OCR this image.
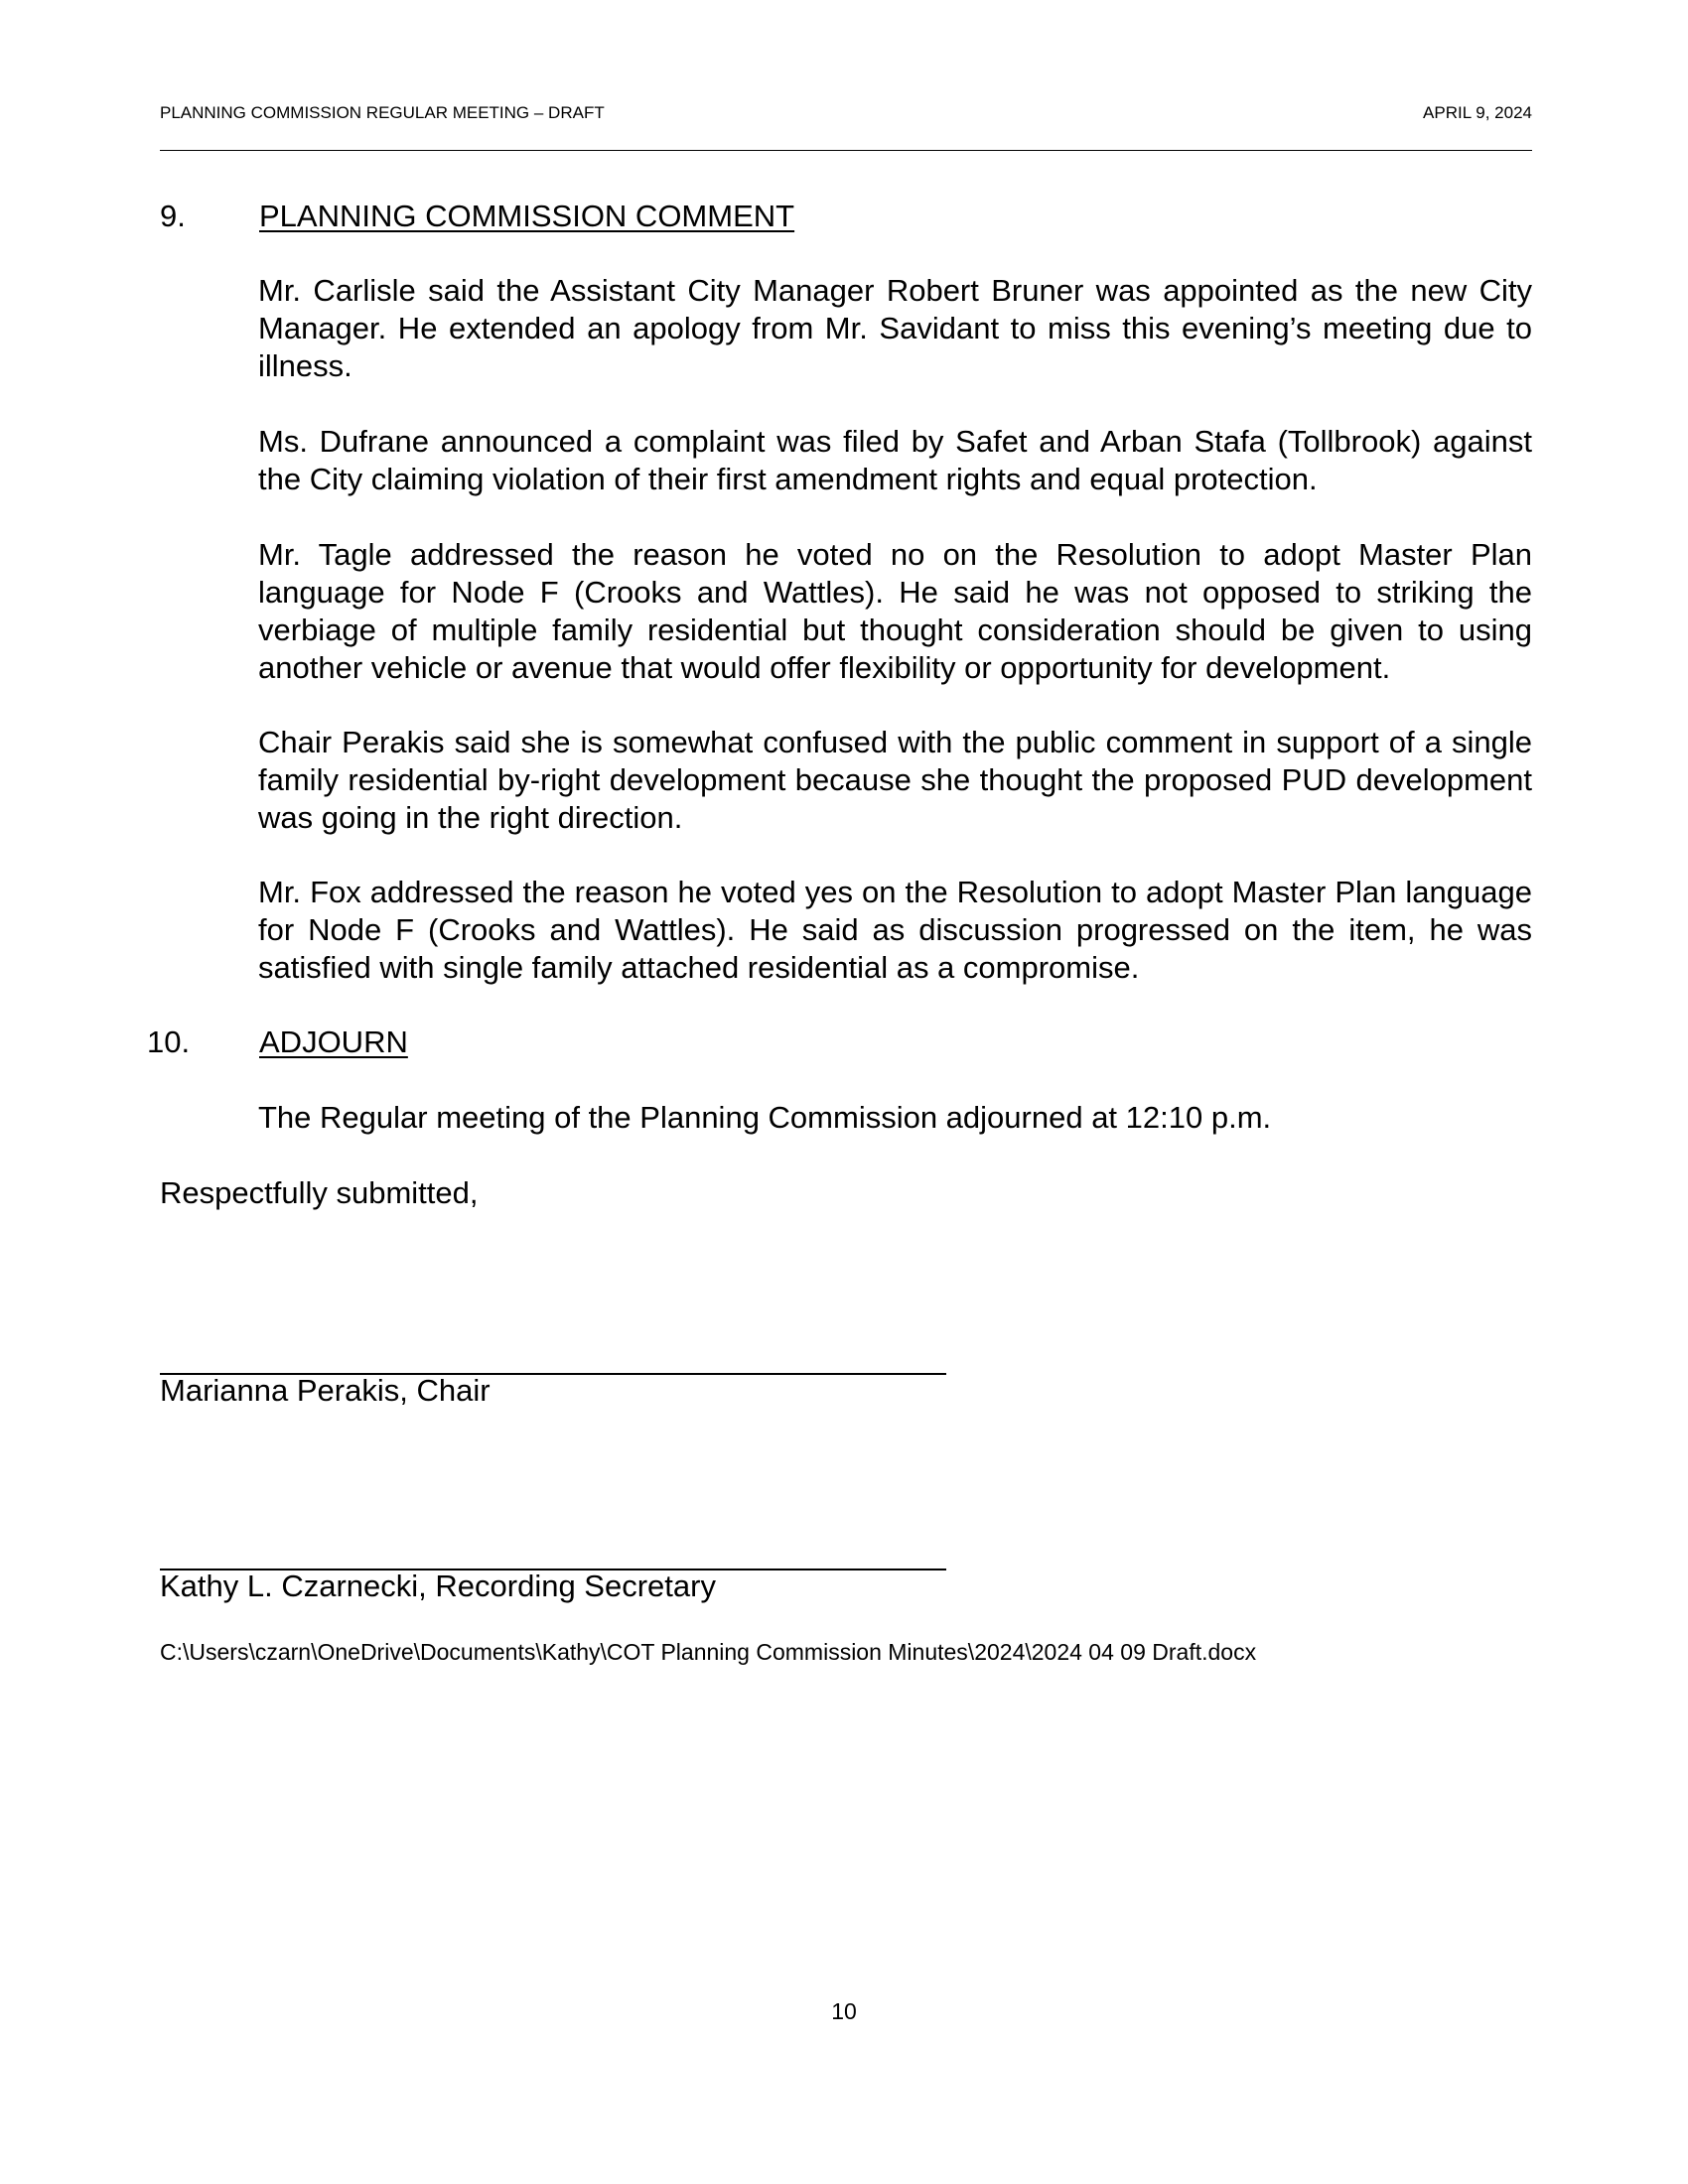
PLANNING COMMISSION REGULAR MEETING – DRAFT	APRIL 9, 2024
9. PLANNING COMMISSION COMMENT

Mr. Carlisle said the Assistant City Manager Robert Bruner was appointed as the new City Manager. He extended an apology from Mr. Savidant to miss this evening’s meeting due to illness.

Ms. Dufrane announced a complaint was filed by Safet and Arban Stafa (Tollbrook) against the City claiming violation of their first amendment rights and equal protection.

Mr. Tagle addressed the reason he voted no on the Resolution to adopt Master Plan language for Node F (Crooks and Wattles). He said he was not opposed to striking the verbiage of multiple family residential but thought consideration should be given to using another vehicle or avenue that would offer flexibility or opportunity for development.

Chair Perakis said she is somewhat confused with the public comment in support of a single family residential by-right development because she thought the proposed PUD development was going in the right direction.

Mr. Fox addressed the reason he voted yes on the Resolution to adopt Master Plan language for Node F (Crooks and Wattles). He said as discussion progressed on the item, he was satisfied with single family attached residential as a compromise.

10. ADJOURN

The Regular meeting of the Planning Commission adjourned at 12:10 p.m.

Respectfully submitted,
Marianna Perakis, Chair
Kathy L. Czarnecki, Recording Secretary
C:\Users\czarn\OneDrive\Documents\Kathy\COT Planning Commission Minutes\2024\2024 04 09 Draft.docx
10
